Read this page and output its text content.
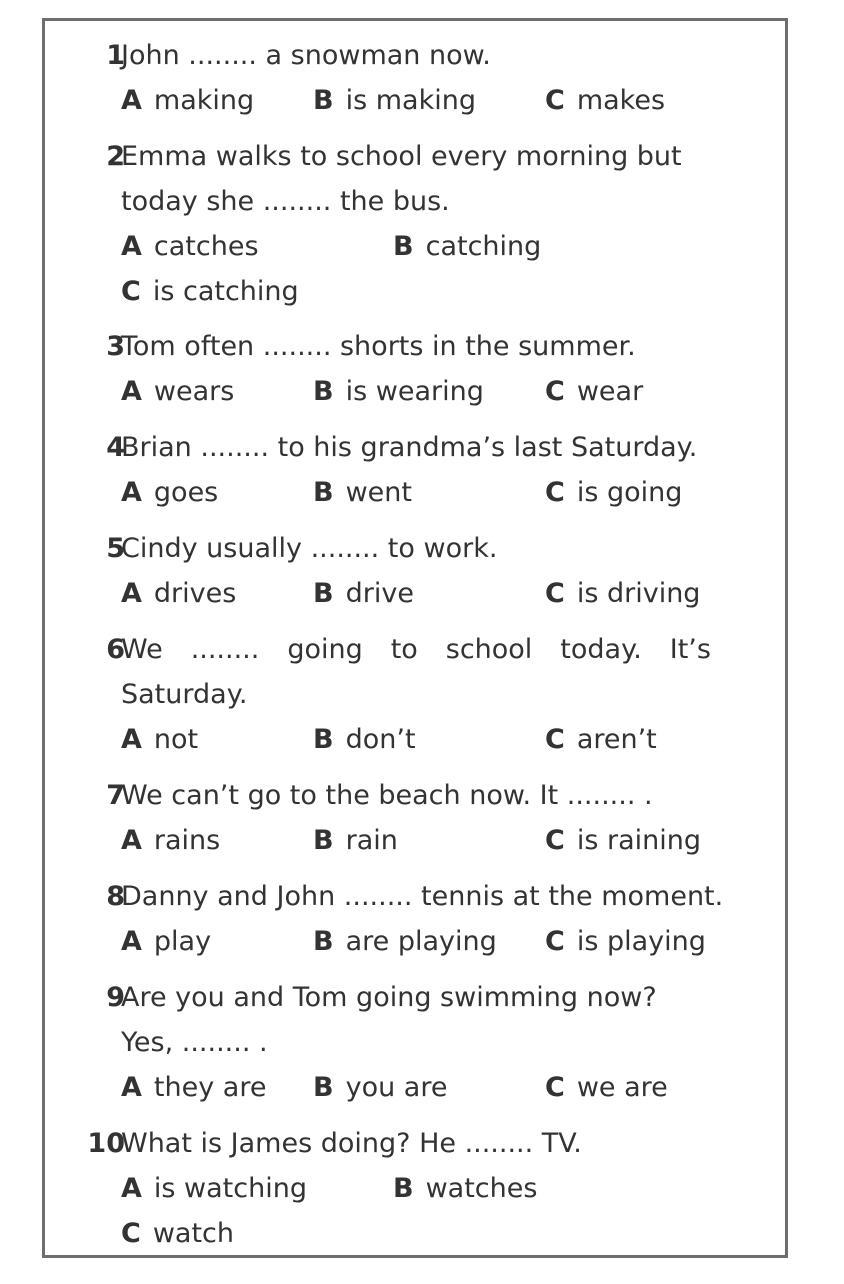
1
John ........ a snowman now.
A making B is making	C makes
2
Emma walks to school every morning but
today she ........ the bus.
A catches	B catching
C is catching
3
Tom often ........ shorts in the summer.
A wears	B is wearing C wear
4
Brian ........ to his grandma’s last Saturday.
A goes	B went	C is going
5
Cindy usually ........ to work.
A drives	B drive	C is driving
6
We ........ going to school today. It’s
Saturday.
A not	B don’t	C aren’t
7
We can’t go to the beach now. It ........ .
A rains	B rain	C is raining
8
Danny and John ........ tennis at the moment.
A play	B are playing C is playing
9
Are you and Tom going swimming now?
Yes, ........ .
A they are B you are	C we are
10
What is James doing? He ........ TV.
A is watching	B watches
C watch
